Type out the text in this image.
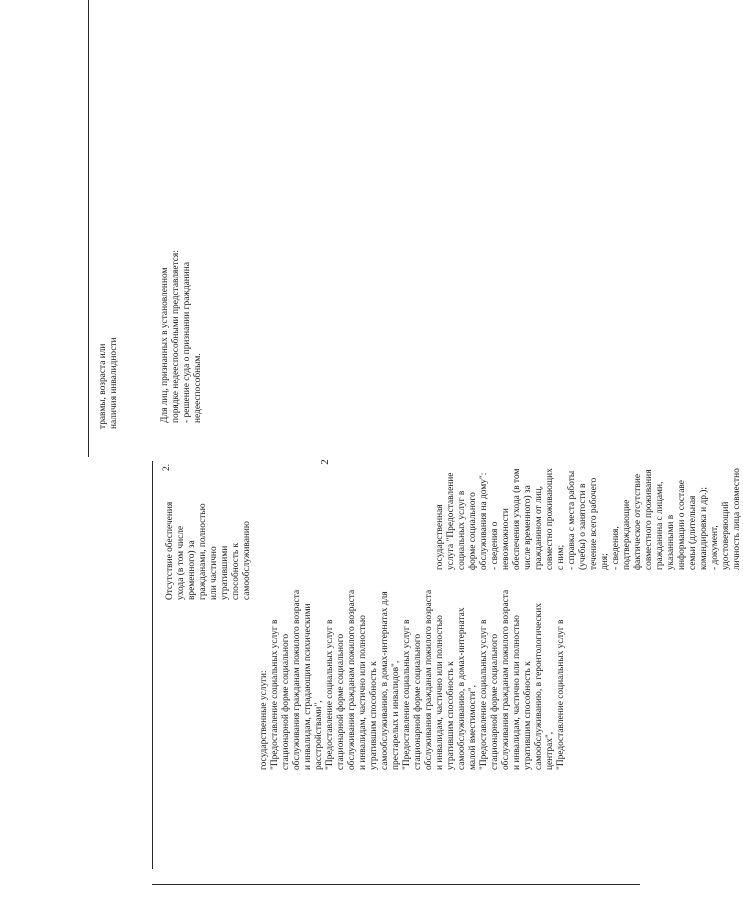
2
травмы, возраста или наличия инвалидности	Для лиц, признанных в установленном порядке недееспособными представляется: - решение суда о признании гражданина недееспособным.
2.
Отсутствие обеспечения ухода (в том числе временного) за гражданами, полностью или частично утратившими способность к самообслуживанию
государственные услуги: "Предоставление социальных услуг в стационарной форме социального обслуживания гражданам пожилого возраста и инвалидам, страдающим психическими расстройствами", "Предоставление социальных услуг в стационарной форме социального обслуживания гражданам пожилого возраста и инвалидам, частично или полностью утратившим способность к самообслуживанию, в домах-интернатах для престарелых и инвалидов", "Предоставление социальных услуг в стационарной форме социального обслуживания гражданам пожилого возраста и инвалидам, частично или полностью утратившим способность к самообслуживанию, в домах-интернатах малой вместимости", "Предоставление социальных услуг в стационарной форме социального обслуживания гражданам пожилого возраста и инвалидам, частично или полностью утратившим способность к самообслуживанию, в геронтологических центрах", "Предоставление социальных услуг в
государственная услуга "Предоставление социальных услуг в форме социального обслуживания на дому": - сведения о невозможности обеспечения ухода (в том числе временного) за гражданином от лиц, совместно проживающих с ним; - справка с места работы (учебы) о занятости в течение всего рабочего дня; - сведения, подтверждающие фактическое отсутствие совместного проживания гражданина с лицами, указанными в информации о составе семьи (длительная командировка и др.); - документ, удостоверяющий личность лица совместно
